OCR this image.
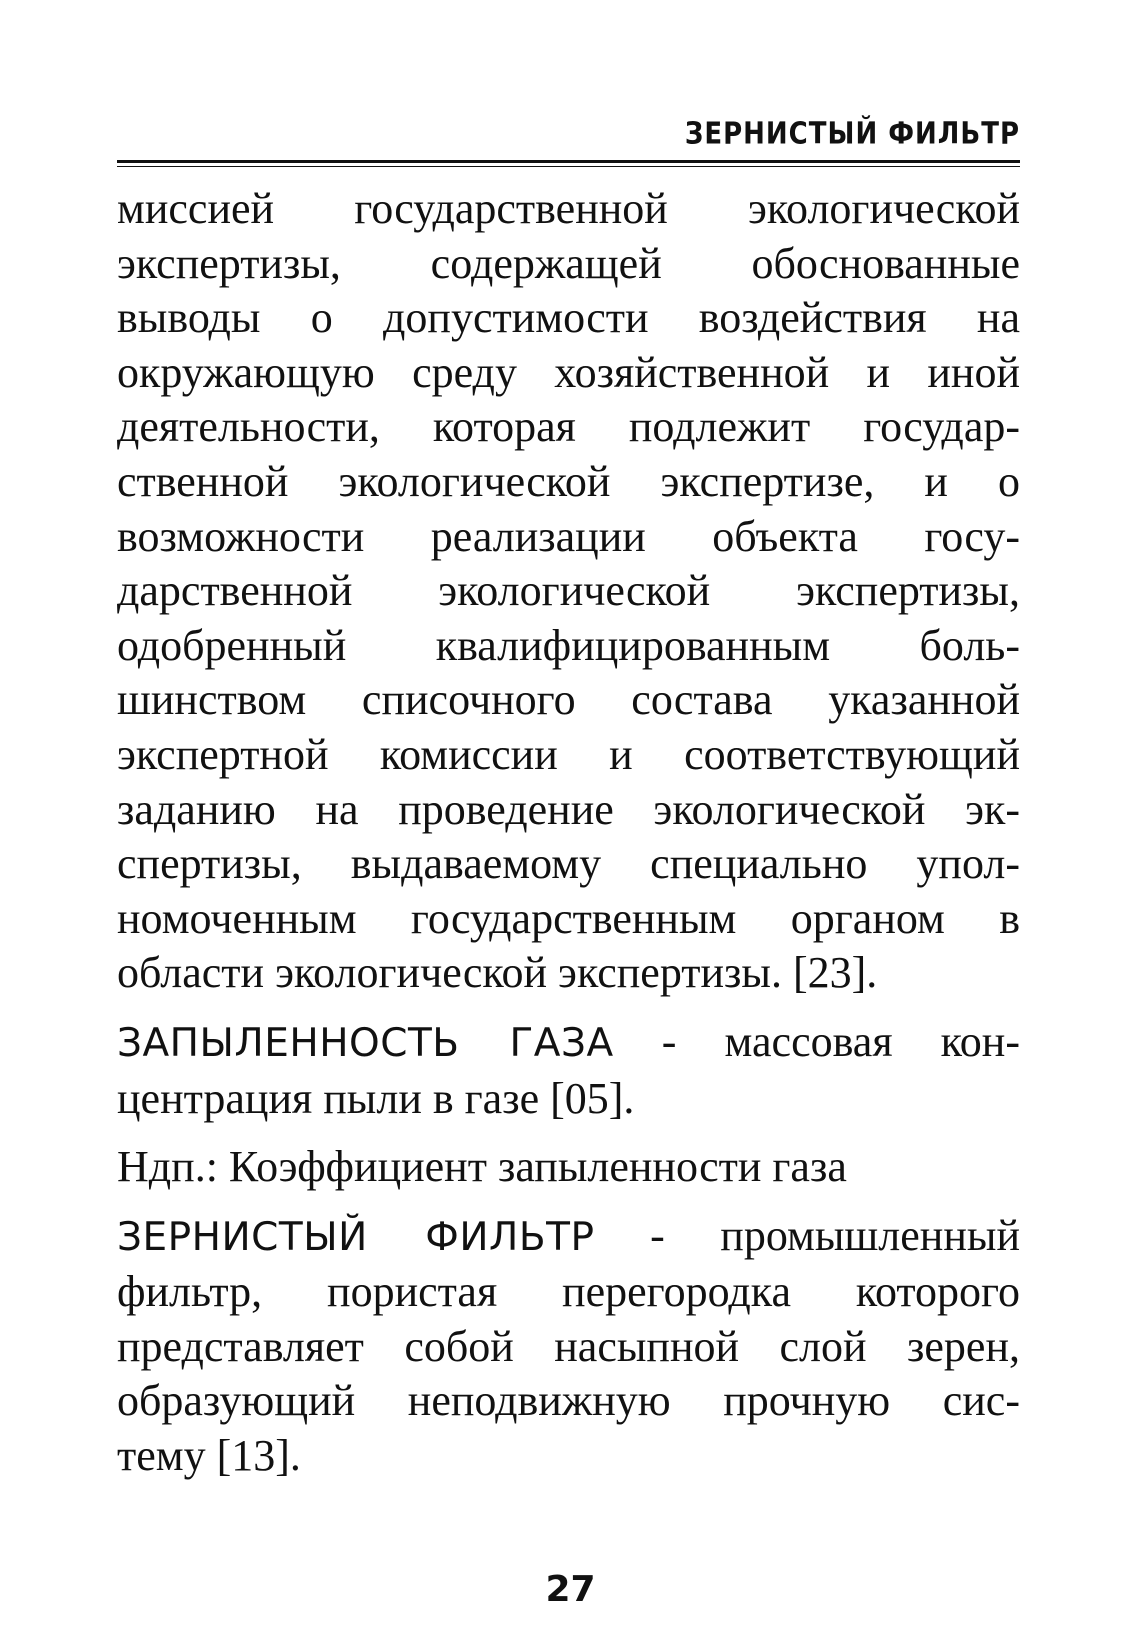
ЗЕРНИСТЫЙ ФИЛЬТР

миссией государственной экологической
экспертизы, содержащей обоснованные
выводы о допустимости воздействия на
окружающую среду хозяйственной и иной
деятельности, которая подлежит государ-
ственной экологической экспертизе, и о
возможности реализации объекта госу-
дарственной экологической экспертизы,
одобренный квалифицированным боль-
шинством списочного состава указанной
экспертной комиссии и соответствующий
заданию на проведение экологической эк-
спертизы, выдаваемому специально упол-
номоченным государственным органом в
области экологической экспертизы. [23].

ЗАПЫЛЕННОСТЬ ГАЗА - массовая кон-
центрация пыли в газе [05].

Ндп.: Коэффициент запыленности газа

ЗЕРНИСТЫЙ ФИЛЬТР - промышленный
фильтр, пористая перегородка которого
представляет собой насыпной слой зерен,
образующий неподвижную прочную сис-
тему [13].

27
